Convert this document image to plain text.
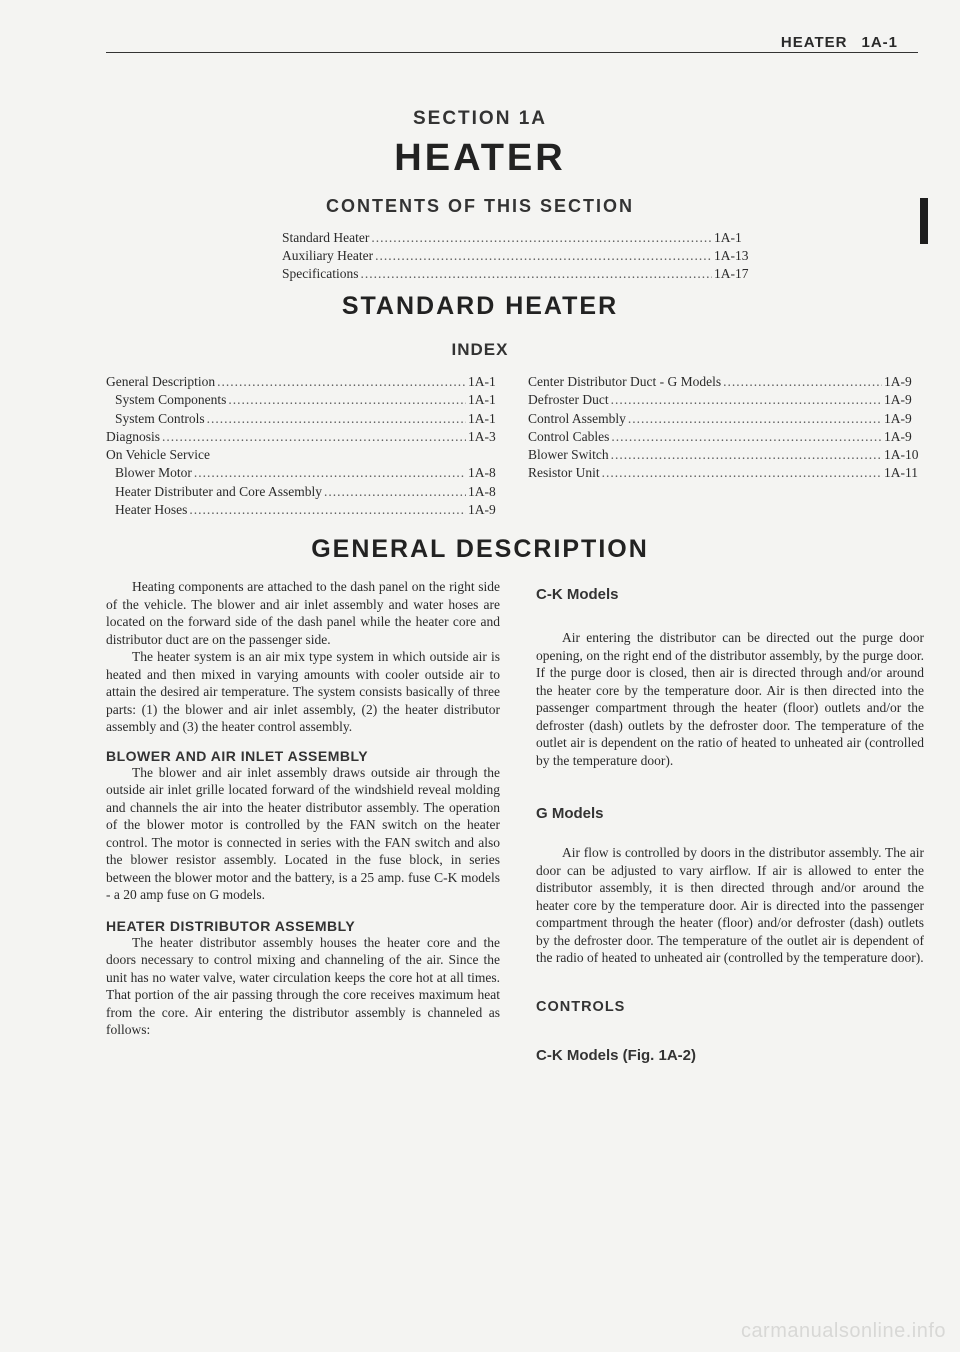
HEATER 1A-1
SECTION 1A
HEATER
CONTENTS OF THIS SECTION
Standard Heater .....	1A-1
Auxiliary Heater .....	1A-13
Specifications .....	1A-17
STANDARD HEATER
INDEX
General Description .....	1A-1
System Components .....	1A-1
System Controls .....	1A-1
Diagnosis .....	1A-3
On Vehicle Service
Blower Motor .....	1A-8
Heater Distributer and Core Assembly .....	1A-8
Heater Hoses .....	1A-9
Center Distributor Duct - G Models .....	1A-9
Defroster Duct .....	1A-9
Control Assembly .....	1A-9
Control Cables .....	1A-9
Blower Switch .....	1A-10
Resistor Unit .....	1A-11
GENERAL DESCRIPTION

Heating components are attached to the dash panel on the right side of the vehicle. The blower and air inlet assembly and water hoses are located on the forward side of the dash panel while the heater core and distributor duct are on the passenger side.

The heater system is an air mix type system in which outside air is heated and then mixed in varying amounts with cooler outside air to attain the desired air temperature. The system consists basically of three parts: (1) the blower and air inlet assembly, (2) the heater distributor assembly and (3) the heater control assembly.

BLOWER AND AIR INLET ASSEMBLY

The blower and air inlet assembly draws outside air through the outside air inlet grille located forward of the windshield reveal molding and channels the air into the heater distributor assembly. The operation of the blower motor is controlled by the FAN switch on the heater control. The motor is connected in series with the FAN switch and also the blower resistor assembly. Located in the fuse block, in series between the blower motor and the battery, is a 25 amp. fuse C-K models - a 20 amp fuse on G models.

HEATER DISTRIBUTOR ASSEMBLY

The heater distributor assembly houses the heater core and the doors necessary to control mixing and channeling of the air. Since the unit has no water valve, water circulation keeps the core hot at all times. That portion of the air passing through the core receives maximum heat from the core. Air entering the distributor assembly is channeled as follows:

C-K Models

Air entering the distributor can be directed out the purge door opening, on the right end of the distributor assembly, by the purge door. If the purge door is closed, then air is directed through and/or around the heater core by the temperature door. Air is then directed into the passenger compartment through the heater (floor) outlets and/or the defroster (dash) outlets by the defroster door. The temperature of the outlet air is dependent on the ratio of heated to unheated air (controlled by the temperature door).

G Models

Air flow is controlled by doors in the distributor assembly. The air door can be adjusted to vary airflow. If air is allowed to enter the distributor assembly, it is then directed through and/or around the heater core by the temperature door. Air is directed into the passenger compartment through the heater (floor) and/or defroster (dash) outlets by the defroster door. The temperature of the outlet air is dependent of the radio of heated to unheated air (controlled by the temperature door).

CONTROLS
C-K Models (Fig. 1A-2)
carmanualsonline.info
